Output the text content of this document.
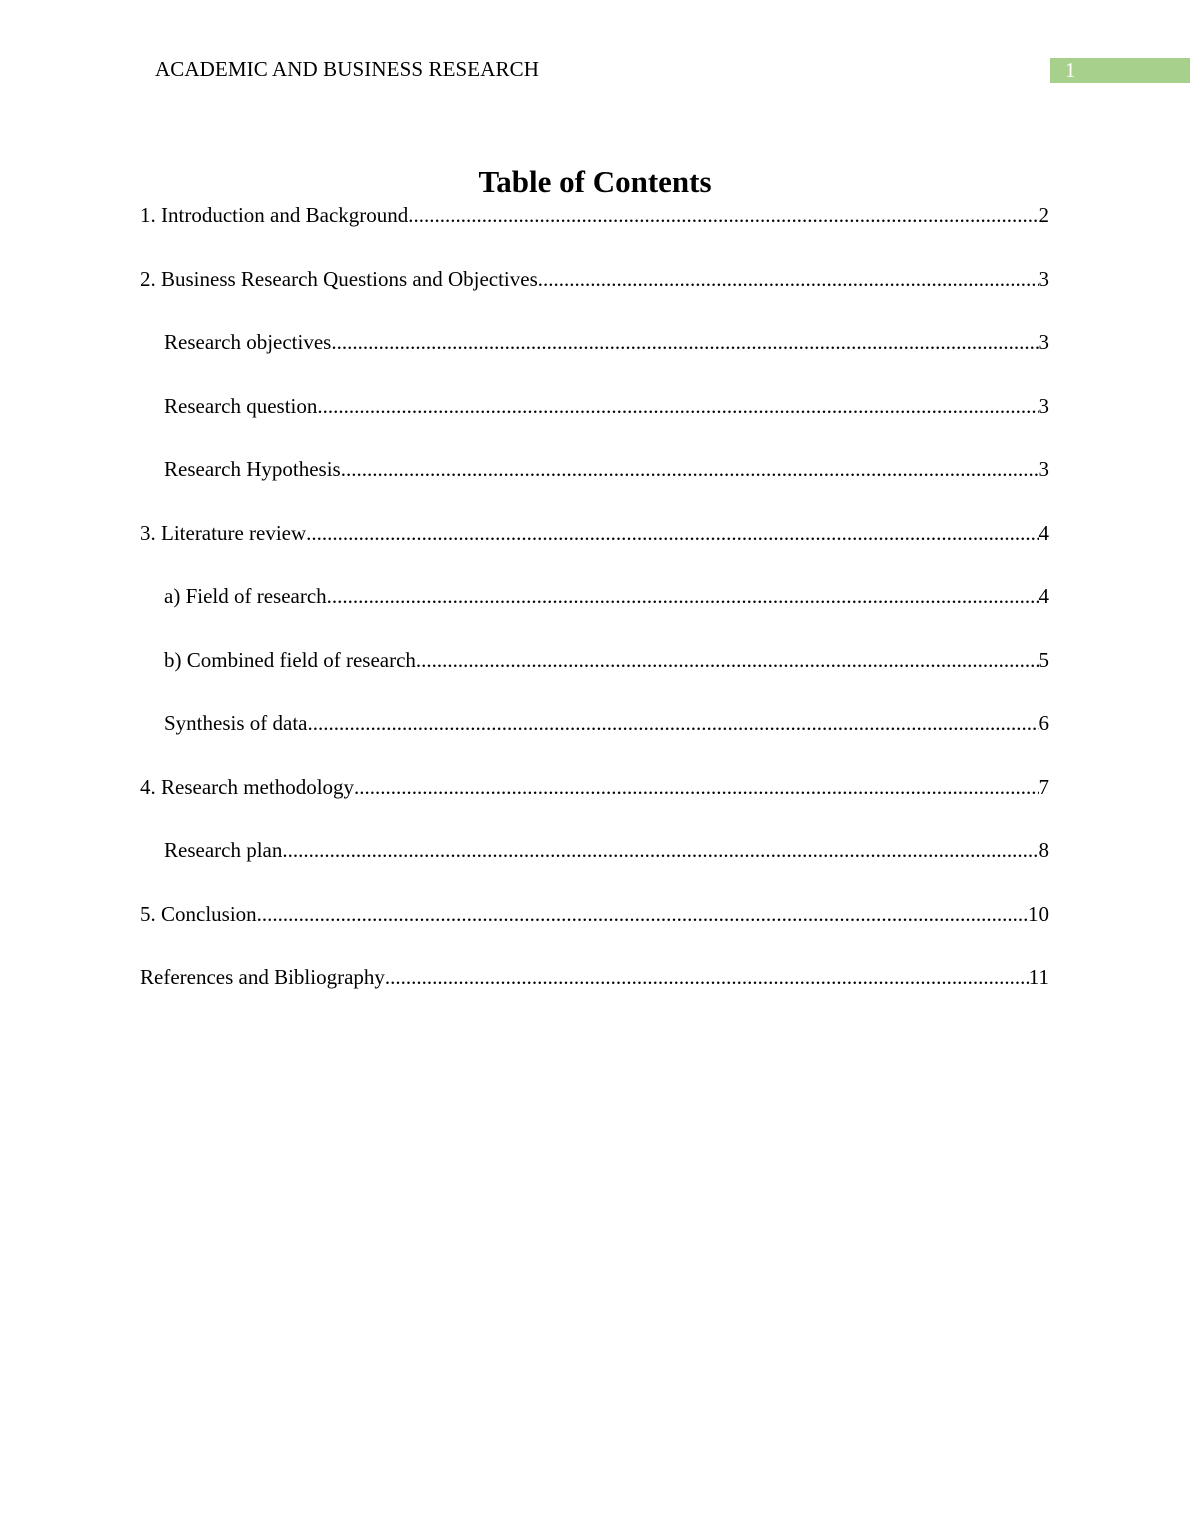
ACADEMIC AND BUSINESS RESEARCH	1
Table of Contents
1. Introduction and Background .....	2
2. Business Research Questions and Objectives .....	3
Research objectives .....	3
Research question .....	3
Research Hypothesis .....	3
3. Literature review .....	4
a) Field of research .....	4
b) Combined field of research .....	5
Synthesis of data .....	6
4. Research methodology .....	7
Research plan .....	8
5. Conclusion .....	10
References and Bibliography .....	11
